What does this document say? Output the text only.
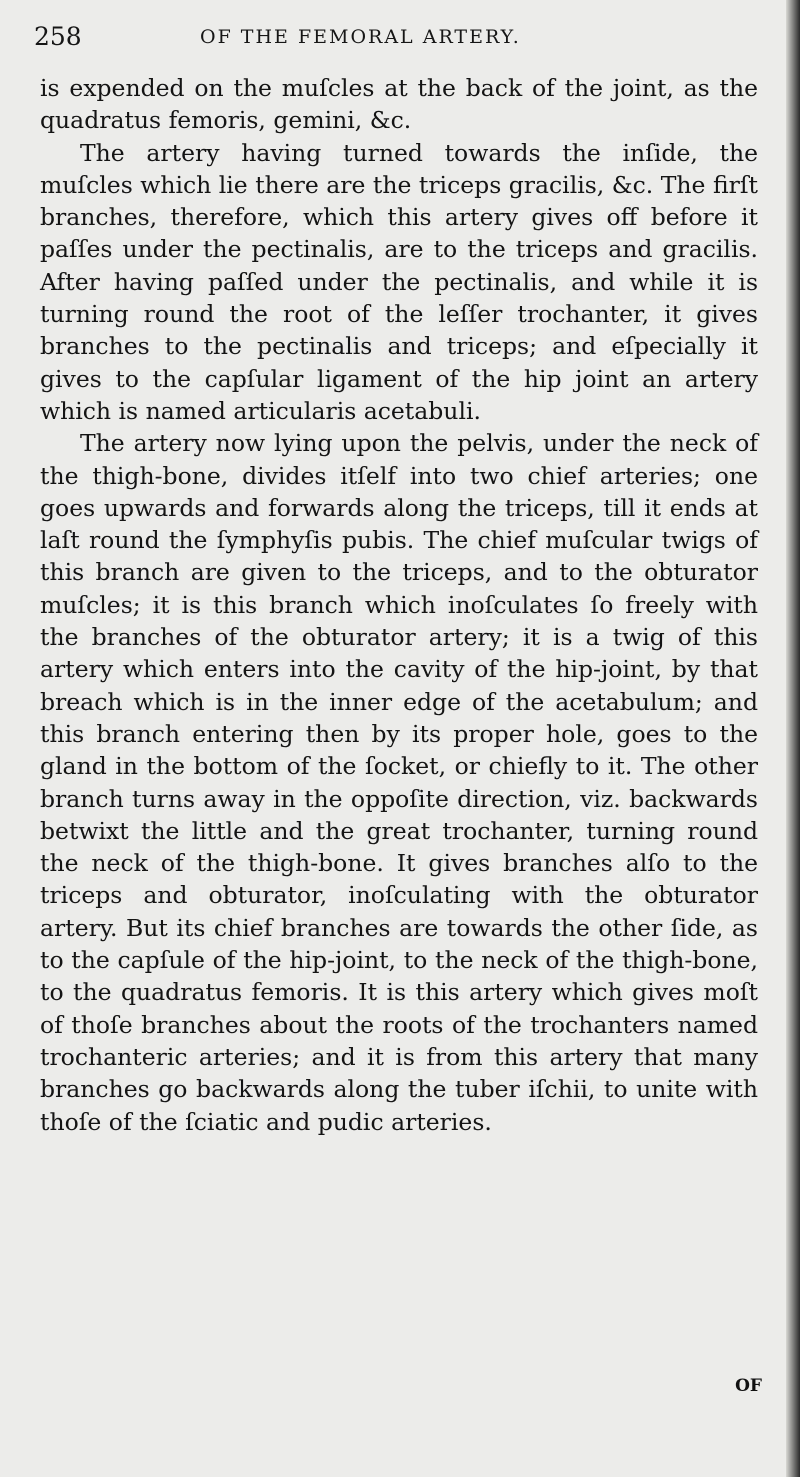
258	OF THE FEMORAL ARTERY.

is expended on the muſcles at the back of the joint, as the quadratus femoris, gemini, &c.

The artery having turned towards the inſide, the muſcles which lie there are the triceps gracilis, &c. The firſt branches, therefore, which this artery gives off before it paſſes under the pectinalis, are to the triceps and gracilis. After having paſſed under the pectinalis, and while it is turning round the root of the leſſer trochanter, it gives branches to the pectinalis and triceps; and eſpecially it gives to the capſular ligament of the hip joint an artery which is named articularis acetabuli.

The artery now lying upon the pelvis, under the neck of the thigh-bone, divides itſelf into two chief arteries; one goes upwards and forwards along the triceps, till it ends at laſt round the ſymphyſis pubis. The chief muſcular twigs of this branch are given to the triceps, and to the obturator muſcles; it is this branch which inoſculates ſo freely with the branches of the obturator artery; it is a twig of this artery which enters into the cavity of the hip-joint, by that breach which is in the inner edge of the acetabulum; and this branch entering then by its proper hole, goes to the gland in the bottom of the ſocket, or chiefly to it. The other branch turns away in the oppoſite direction, viz. backwards betwixt the little and the great trochanter, turning round the neck of the thigh-bone. It gives branches alſo to the triceps and obturator, inoſculating with the obturator artery. But its chief branches are towards the other ſide, as to the capſule of the hip-joint, to the neck of the thigh-bone, to the quadratus femoris. It is this artery which gives moſt of thoſe branches about the roots of the trochanters named trochanteric arteries; and it is from this artery that many branches go backwards along the tuber iſchii, to unite with thoſe of the ſciatic and pudic arteries.

OF
